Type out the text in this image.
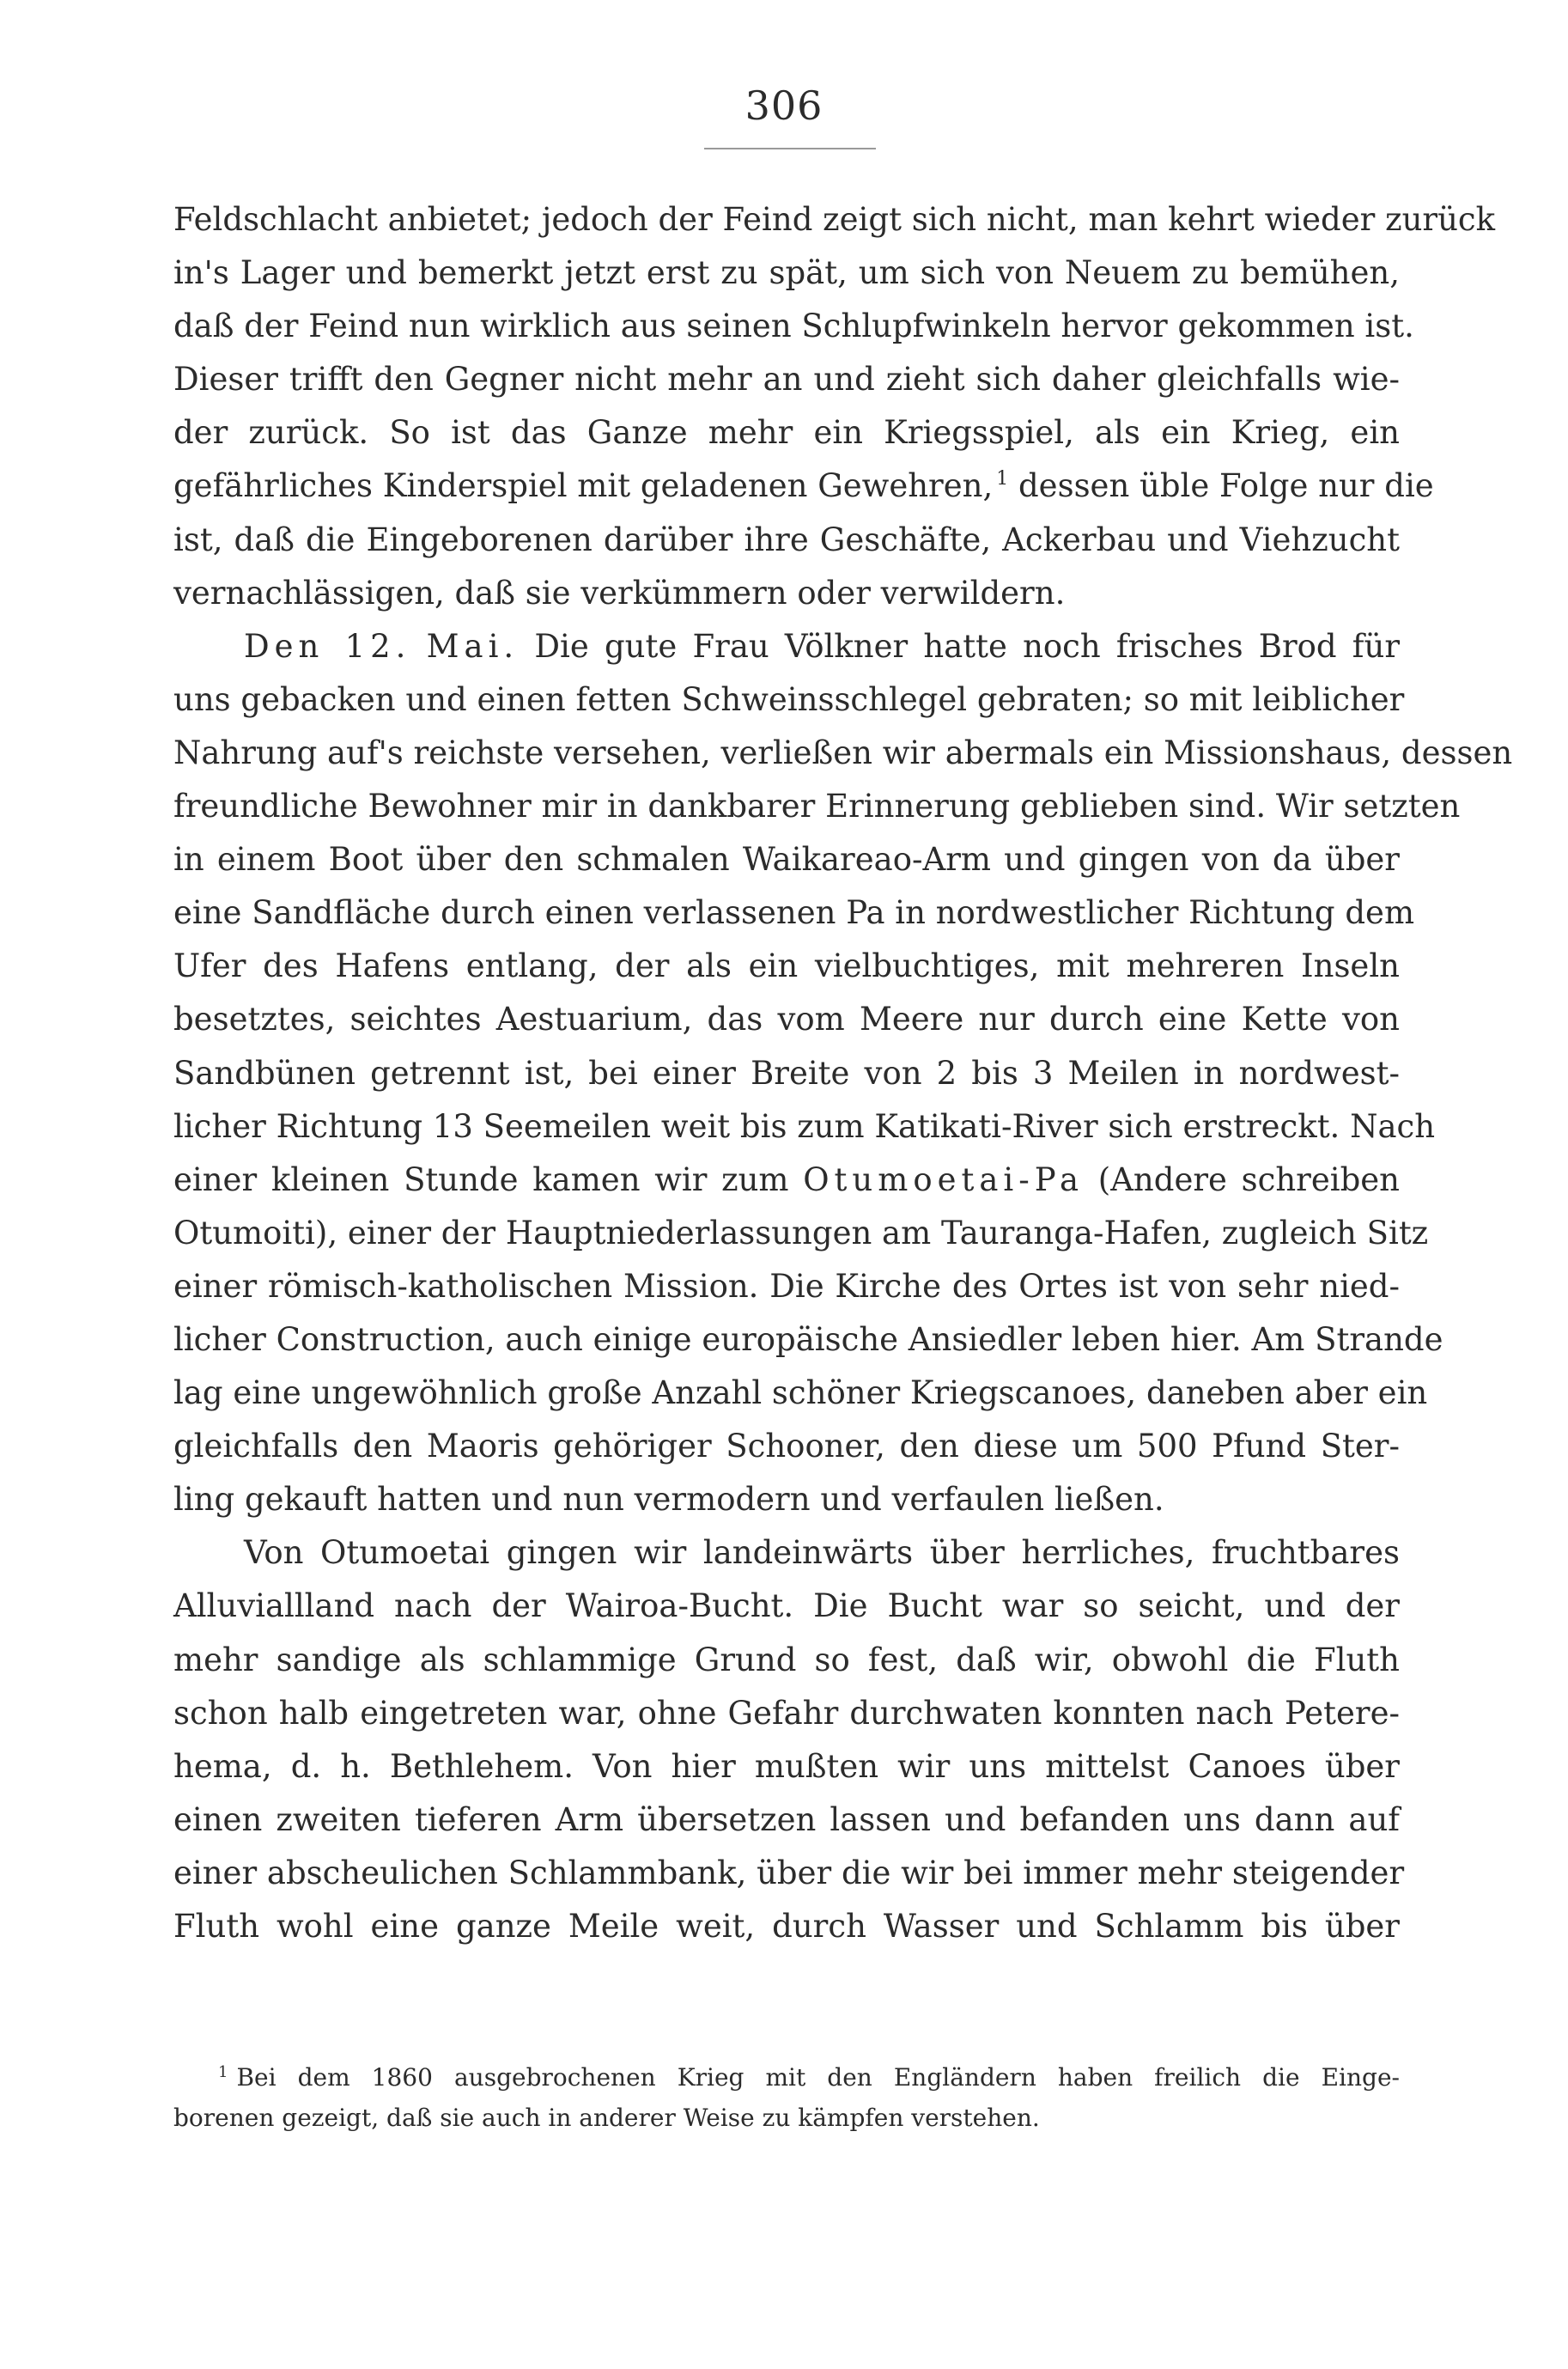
306
Feldschlacht anbietet; jedoch der Feind zeigt sich nicht, man kehrt wieder zurück
in's Lager und bemerkt jetzt erst zu spät, um sich von Neuem zu bemühen,
daß der Feind nun wirklich aus seinen Schlupfwinkeln hervor gekommen ist.
Dieser trifft den Gegner nicht mehr an und zieht sich daher gleichfalls wie-
der zurück. So ist das Ganze mehr ein Kriegsspiel, als ein Krieg, ein
gefährliches Kinderspiel mit geladenen Gewehren, $^1$ dessen üble Folge nur die
ist, daß die Eingeborenen darüber ihre Geschäfte, Ackerbau und Viehzucht
vernachlässigen, daß sie verkümmern oder verwildern.
Den 12. Mai. Die gute Frau Völkner hatte noch frisches Brod für
uns gebacken und einen fetten Schweinsschlegel gebraten; so mit leiblicher
Nahrung auf's reichste versehen, verließen wir abermals ein Missionshaus, dessen
freundliche Bewohner mir in dankbarer Erinnerung geblieben sind. Wir setzten
in einem Boot über den schmalen Waikareao-Arm und gingen von da über
eine Sandfläche durch einen verlassenen Pa in nordwestlicher Richtung dem
Ufer des Hafens entlang, der als ein vielbuchtiges, mit mehreren Inseln
besetztes, seichtes Aestuarium, das vom Meere nur durch eine Kette von
Sandbünen getrennt ist, bei einer Breite von 2 bis 3 Meilen in nordwest-
licher Richtung 13 Seemeilen weit bis zum Katikati-River sich erstreckt. Nach
einer kleinen Stunde kamen wir zum Otumoetai-Pa (Andere schreiben
Otumoiti), einer der Hauptniederlassungen am Tauranga-Hafen, zugleich Sitz
einer römisch-katholischen Mission. Die Kirche des Ortes ist von sehr nied-
licher Construction, auch einige europäische Ansiedler leben hier. Am Strande
lag eine ungewöhnlich große Anzahl schöner Kriegscanoes, daneben aber ein
gleichfalls den Maoris gehöriger Schooner, den diese um 500 Pfund Ster-
ling gekauft hatten und nun vermodern und verfaulen ließen.
Von Otumoetai gingen wir landeinwärts über herrliches, fruchtbares
Alluviallland nach der Wairoa-Bucht. Die Bucht war so seicht, und der
mehr sandige als schlammige Grund so fest, daß wir, obwohl die Fluth
schon halb eingetreten war, ohne Gefahr durchwaten konnten nach Petere-
hema, d. h. Bethlehem. Von hier mußten wir uns mittelst Canoes über
einen zweiten tieferen Arm übersetzen lassen und befanden uns dann auf
einer abscheulichen Schlammbank, über die wir bei immer mehr steigender
Fluth wohl eine ganze Meile weit, durch Wasser und Schlamm bis über
$^1$ Bei dem 1860 ausgebrochenen Krieg mit den Engländern haben freilich die Einge-
borenen gezeigt, daß sie auch in anderer Weise zu kämpfen verstehen.
